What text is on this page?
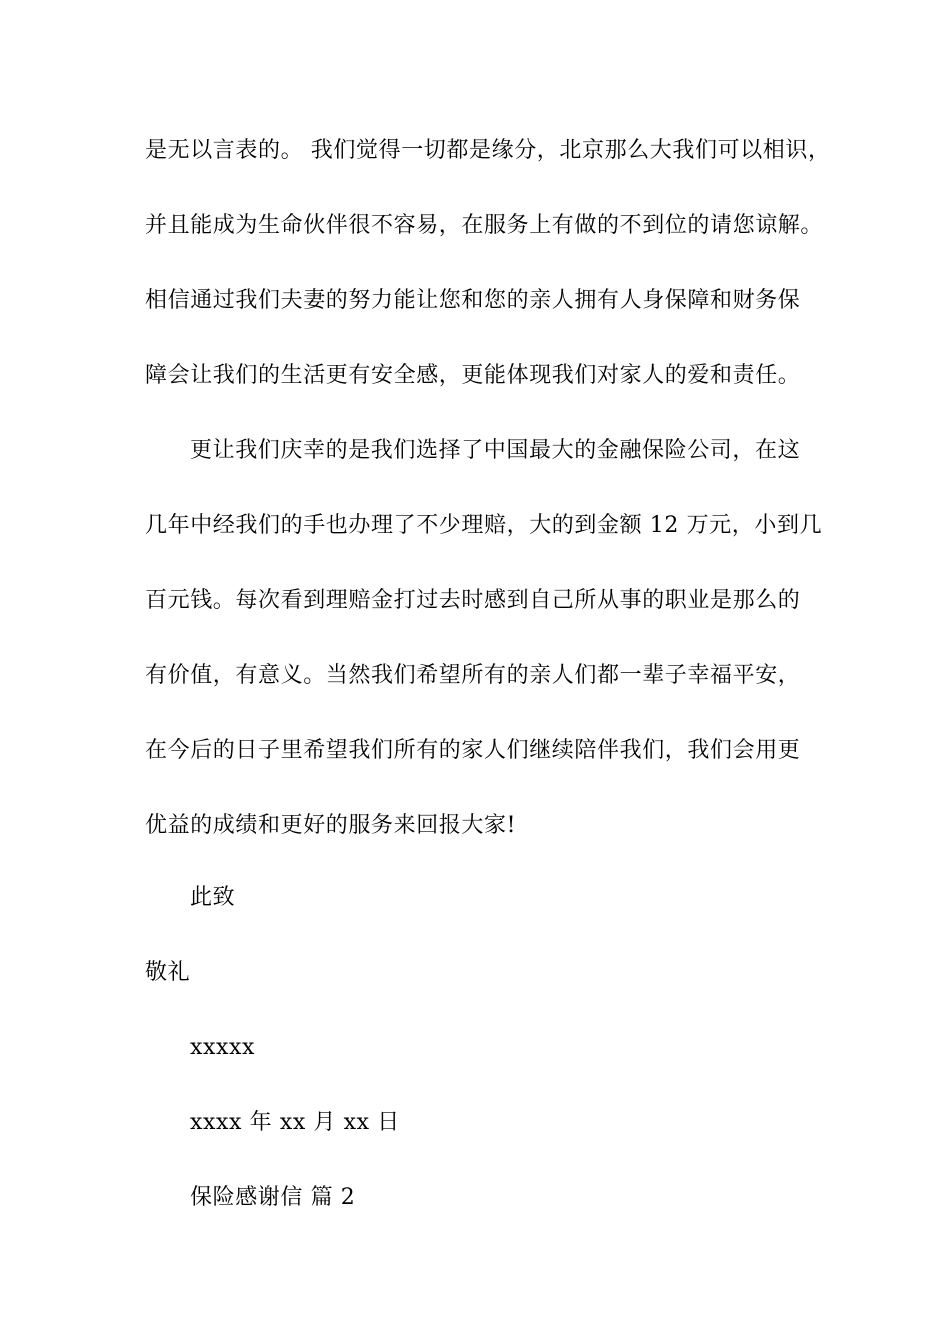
是无以言表的。 我们觉得一切都是缘分，北京那么大我们可以相识，
并且能成为生命伙伴很不容易，在服务上有做的不到位的请您谅解。
相信通过我们夫妻的努力能让您和您的亲人拥有人身保障和财务保
障会让我们的生活更有安全感，更能体现我们对家人的爱和责任。
更让我们庆幸的是我们选择了中国最大的金融保险公司，在这
几年中经我们的手也办理了不少理赔，大的到金额 12 万元，小到几
百元钱。每次看到理赔金打过去时感到自己所从事的职业是那么的
有价值，有意义。当然我们希望所有的亲人们都一辈子幸福平安，
在今后的日子里希望我们所有的家人们继续陪伴我们，我们会用更
优益的成绩和更好的服务来回报大家!
此致
敬礼
xxxxx
xxxx 年 xx 月 xx 日
保险感谢信 篇 2
